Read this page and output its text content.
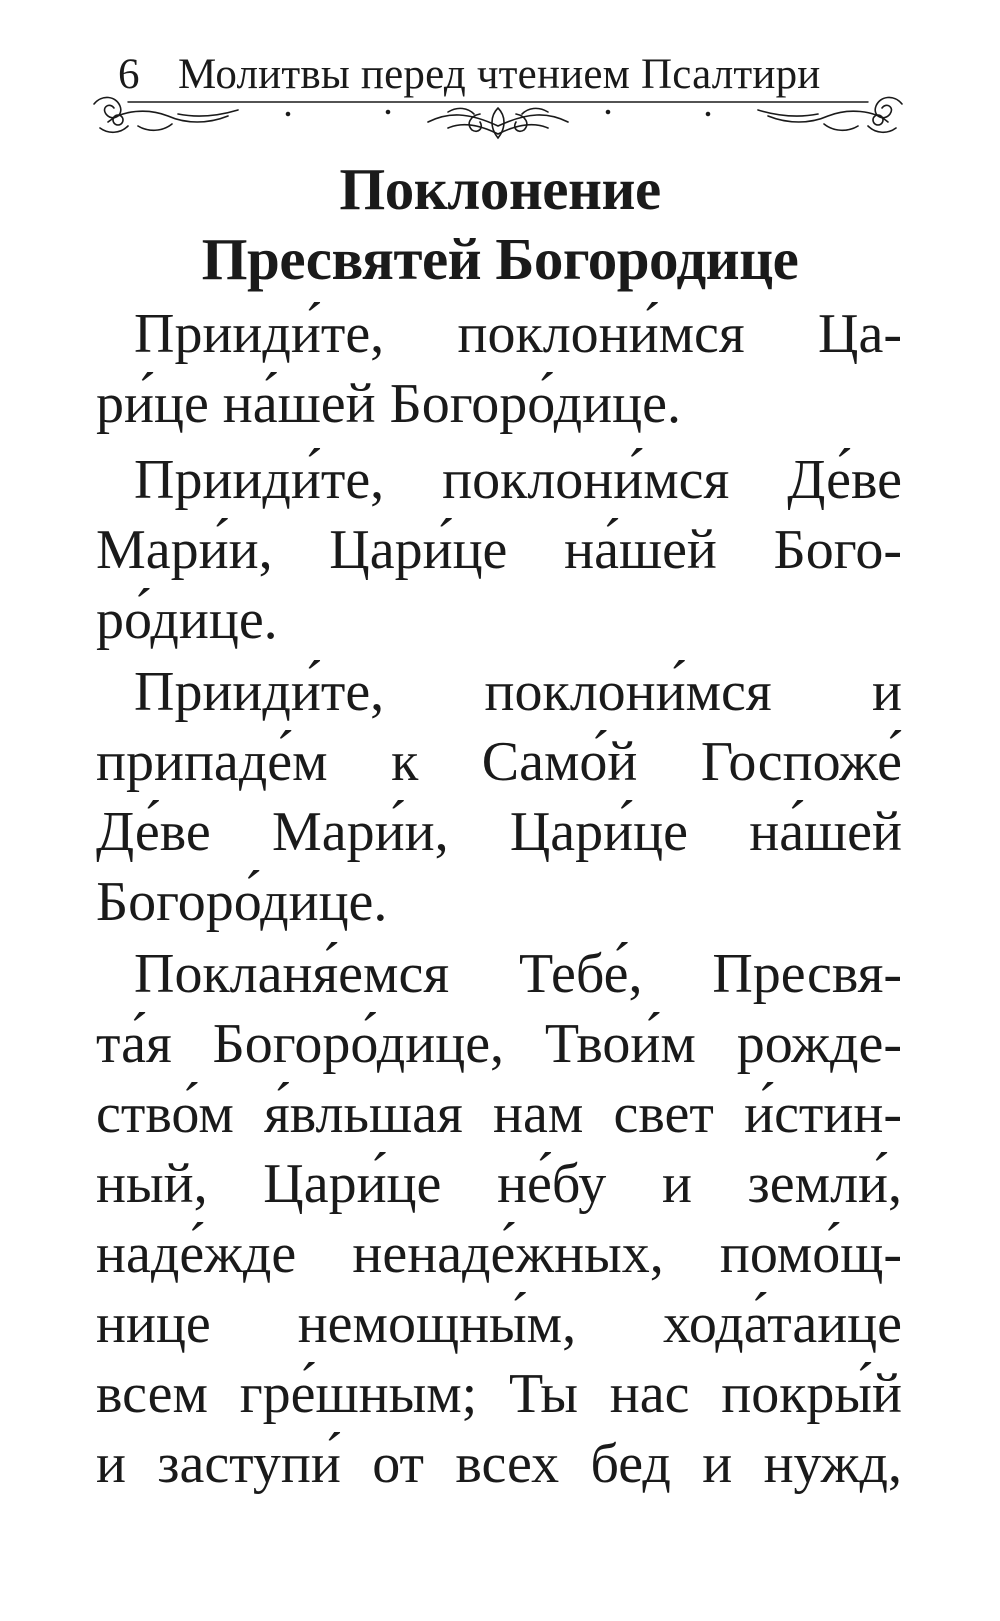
6 Молитвы перед чтением Псалтири
Поклонение
Пресвятей Богородице
Прииди́те, поклони́мся Ца-
ри́це на́шей Богоро́дице.
Прииди́те, поклони́мся Де́ве
Мари́и, Цари́це на́шей Бого-
ро́дице.
Прииди́те, поклони́мся и
припаде́м к Само́й Госпоже́
Де́ве Мари́и, Цари́це на́шей
Богоро́дице.
Покланя́емся Тебе́, Пресвя-
та́я Богоро́дице, Твои́м рожде-
ство́м я́вльшая нам свет и́стин-
ный, Цари́це не́бу и земли́,
наде́жде ненаде́жных, помо́щ-
нице немощны́м, хода́таице
всем гре́шным; Ты нас покры́й
и заступи́ от всех бед и нужд,
